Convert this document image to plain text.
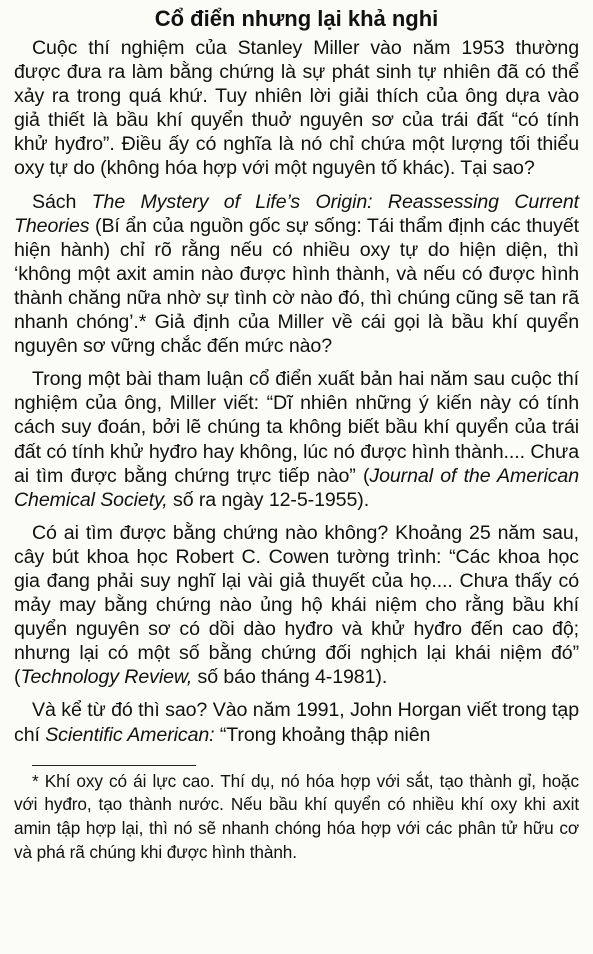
Cổ điển nhưng lại khả nghi

Cuộc thí nghiệm của Stanley Miller vào năm 1953 thường được đưa ra làm bằng chứng là sự phát sinh tự nhiên đã có thể xảy ra trong quá khứ. Tuy nhiên lời giải thích của ông dựa vào giả thiết là bầu khí quyển thuở nguyên sơ của trái đất “có tính khử hyđro”. Điều ấy có nghĩa là nó chỉ chứa một lượng tối thiểu oxy tự do (không hóa hợp với một nguyên tố khác). Tại sao?

Sách The Mystery of Life’s Origin: Reassessing Current Theories (Bí ẩn của nguồn gốc sự sống: Tái thẩm định các thuyết hiện hành) chỉ rõ rằng nếu có nhiều oxy tự do hiện diện, thì ‘không một axit amin nào được hình thành, và nếu có được hình thành chăng nữa nhờ sự tình cờ nào đó, thì chúng cũng sẽ tan rã nhanh chóng’.* Giả định của Miller về cái gọi là bầu khí quyển nguyên sơ vững chắc đến mức nào?

Trong một bài tham luận cổ điển xuất bản hai năm sau cuộc thí nghiệm của ông, Miller viết: “Dĩ nhiên những ý kiến này có tính cách suy đoán, bởi lẽ chúng ta không biết bầu khí quyển của trái đất có tính khử hyđro hay không, lúc nó được hình thành.... Chưa ai tìm được bằng chứng trực tiếp nào” (Journal of the American Chemical Society, số ra ngày 12-5-1955).

Có ai tìm được bằng chứng nào không? Khoảng 25 năm sau, cây bút khoa học Robert C. Cowen tường trình: “Các khoa học gia đang phải suy nghĩ lại vài giả thuyết của họ.... Chưa thấy có mảy may bằng chứng nào ủng hộ khái niệm cho rằng bầu khí quyển nguyên sơ có dồi dào hyđro và khử hyđro đến cao độ; nhưng lại có một số bằng chứng đối nghịch lại khái niệm đó” (Technology Review, số báo tháng 4-1981).

Và kể từ đó thì sao? Vào năm 1991, John Horgan viết trong tạp chí Scientific American: “Trong khoảng thập niên

* Khí oxy có ái lực cao. Thí dụ, nó hóa hợp với sắt, tạo thành gỉ, hoặc với hyđro, tạo thành nước. Nếu bầu khí quyển có nhiều khí oxy khi axit amin tập hợp lại, thì nó sẽ nhanh chóng hóa hợp với các phân tử hữu cơ và phá rã chúng khi được hình thành.
